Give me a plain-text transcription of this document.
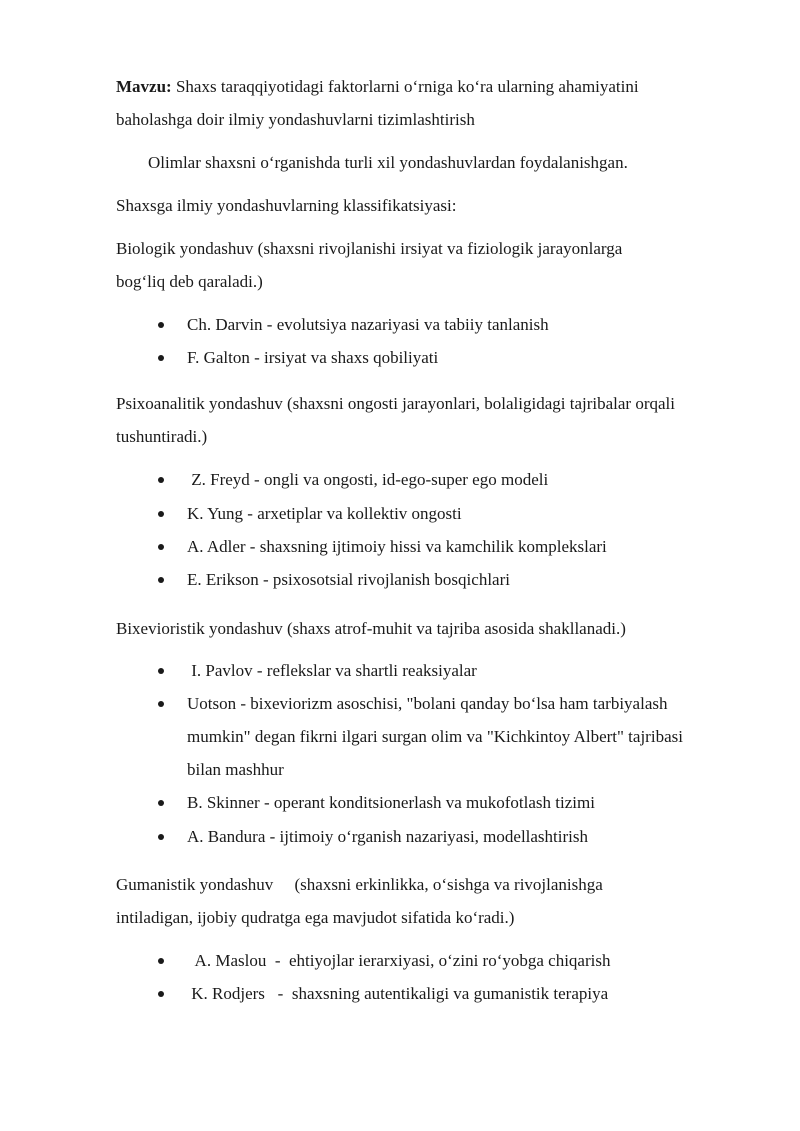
Mavzu: Shaxs taraqqiyotidagi faktorlarni o‘rniga ko‘ra ularning ahamiyatini
baholashga doir ilmiy yondashuvlarni tizimlashtirish
Olimlar shaxsni o‘rganishda turli xil yondashuvlardan foydalanishgan.
Shaxsga ilmiy yondashuvlarning klassifikatsiyasi:
Biologik yondashuv (shaxsni rivojlanishi irsiyat va fiziologik jarayonlarga
bog‘liq deb qaraladi.)
Ch. Darvin - evolutsiya nazariyasi va tabiiy tanlanish
F. Galton - irsiyat va shaxs qobiliyati
Psixoanalitik yondashuv (shaxsni ongosti jarayonlari, bolaligidagi tajribalar orqali
tushuntiradi.)
Z. Freyd - ongli va ongosti, id-ego-super ego modeli
K. Yung - arxetiplar va kollektiv ongosti
A. Adler - shaxsning ijtimoiy hissi va kamchilik komplekslari
E. Erikson - psixosotsial rivojlanish bosqichlari
Bixevioristik yondashuv (shaxs atrof-muhit va tajriba asosida shakllanadi.)
I. Pavlov - reflekslar va shartli reaksiyalar
Uotson - bixeviorizm asoschisi, "bolani qanday bo‘lsa ham tarbiyalash
mumkin" degan fikrni ilgari surgan olim va "Kichkintoy Albert" tajribasi
bilan mashhur
B. Skinner - operant konditsionerlash va mukofotlash tizimi
A. Bandura - ijtimoiy o‘rganish nazariyasi, modellashtirish
Gumanistik yondashuv     (shaxsni erkinlikka, o‘sishga va rivojlanishga
intiladigan, ijobiy qudratga ega mavjudot sifatida ko‘radi.)
A. Maslou  -  ehtiyojlar ierarxiyasi, o‘zini ro‘yobga chiqarish
K. Rodjers   -  shaxsning autentikaligi va gumanistik terapiya
